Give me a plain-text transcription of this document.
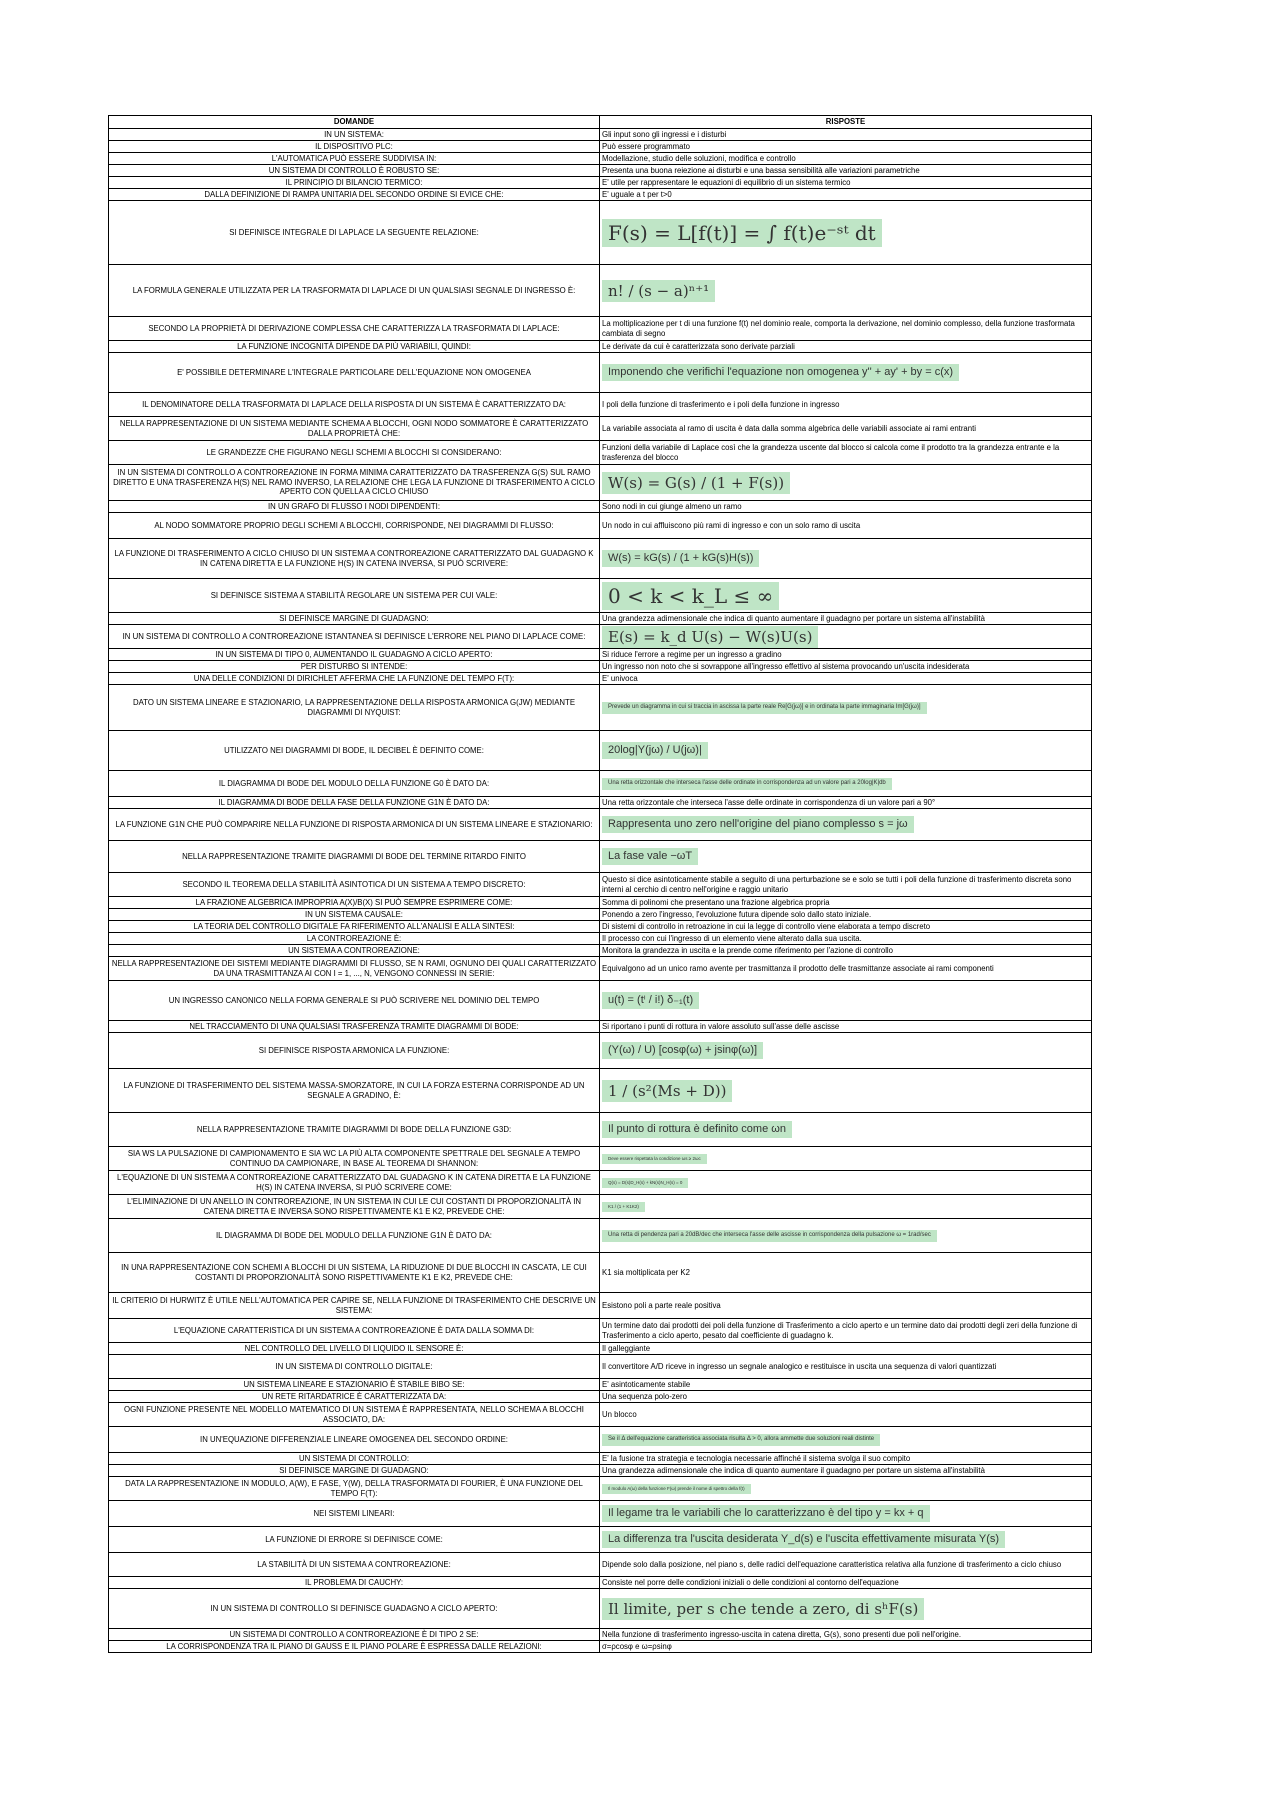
DOMANDE	RISPOSTE
IN UN SISTEMA:	Gli input sono gli ingressi e i disturbi
IL DISPOSITIVO PLC:	Può essere programmato
L'AUTOMATICA PUÒ ESSERE SUDDIVISA IN:	Modellazione, studio delle soluzioni, modifica e controllo
UN SISTEMA DI CONTROLLO È ROBUSTO SE:	Presenta una buona reiezione ai disturbi e una bassa sensibilità alle variazioni parametriche
IL PRINCIPIO DI BILANCIO TERMICO:	E' utile per rappresentare le equazioni di equilibrio di un sistema termico
DALLA DEFINIZIONE DI RAMPA UNITARIA DEL SECONDO ORDINE SI EVICE CHE:	E' uguale a t per t>0
SI DEFINISCE INTEGRALE DI LAPLACE LA SEGUENTE RELAZIONE:	F(s) = L[f(t)] = ∫ f(t)e⁻ˢᵗ dt
LA FORMULA GENERALE UTILIZZATA PER LA TRASFORMATA DI LAPLACE DI UN QUALSIASI SEGNALE DI INGRESSO È:	n! / (s − a)ⁿ⁺¹
SECONDO LA PROPRIETÀ DI DERIVAZIONE COMPLESSA CHE CARATTERIZZA LA TRASFORMATA DI LAPLACE:	La moltiplicazione per t di una funzione f(t) nel dominio reale, comporta la derivazione, nel dominio complesso, della funzione trasformata cambiata di segno
LA FUNZIONE INCOGNITÀ DIPENDE DA PIÙ VARIABILI, QUINDI:	Le derivate da cui è caratterizzata sono derivate parziali
E' POSSIBILE DETERMINARE L'INTEGRALE PARTICOLARE DELL'EQUAZIONE NON OMOGENEA	Imponendo che verifichi l'equazione non omogenea y'' + ay' + by = c(x)
IL DENOMINATORE DELLA TRASFORMATA DI LAPLACE DELLA RISPOSTA DI UN SISTEMA È CARATTERIZZATO DA:	I poli della funzione di trasferimento e i poli della funzione in ingresso
NELLA RAPPRESENTAZIONE DI UN SISTEMA MEDIANTE SCHEMA A BLOCCHI, OGNI NODO SOMMATORE È CARATTERIZZATO DALLA PROPRIETÀ CHE:	La variabile associata al ramo di uscita è data dalla somma algebrica delle variabili associate ai rami entranti
LE GRANDEZZE CHE FIGURANO NEGLI SCHEMI A BLOCCHI SI CONSIDERANO:	Funzioni della variabile di Laplace così che la grandezza uscente dal blocco si calcola come il prodotto tra la grandezza entrante e la trasferenza del blocco
IN UN SISTEMA DI CONTROLLO A CONTROREAZIONE IN FORMA MINIMA CARATTERIZZATO DA TRASFERENZA G(S) SUL RAMO DIRETTO E UNA TRASFERENZA H(S) NEL RAMO INVERSO, LA RELAZIONE CHE LEGA LA FUNZIONE DI TRASFERIMENTO A CICLO APERTO CON QUELLA A CICLO CHIUSO	W(s) = G(s) / (1 + F(s))
IN UN GRAFO DI FLUSSO I NODI DIPENDENTI:	Sono nodi in cui giunge almeno un ramo
AL NODO SOMMATORE PROPRIO DEGLI SCHEMI A BLOCCHI, CORRISPONDE, NEI DIAGRAMMI DI FLUSSO:	Un nodo in cui affluiscono più rami di ingresso e con un solo ramo di uscita
LA FUNZIONE DI TRASFERIMENTO A CICLO CHIUSO DI UN SISTEMA A CONTROREAZIONE CARATTERIZZATO DAL GUADAGNO K IN CATENA DIRETTA E LA FUNZIONE H(S) IN CATENA INVERSA, SI PUÒ SCRIVERE:	W(s) = kG(s) / (1 + kG(s)H(s))
SI DEFINISCE SISTEMA A STABILITÀ REGOLARE UN SISTEMA PER CUI VALE:	0 < k < k_L ≤ ∞
SI DEFINISCE MARGINE DI GUADAGNO:	Una grandezza adimensionale che indica di quanto aumentare il guadagno per portare un sistema all'instabilità
IN UN SISTEMA DI CONTROLLO A CONTROREAZIONE ISTANTANEA SI DEFINISCE L'ERRORE NEL PIANO DI LAPLACE COME:	E(s) = k_d U(s) − W(s)U(s)
IN UN SISTEMA DI TIPO 0, AUMENTANDO IL GUADAGNO A CICLO APERTO:	Si riduce l'errore a regime per un ingresso a gradino
PER DISTURBO SI INTENDE:	Un ingresso non noto che si sovrappone all'ingresso effettivo al sistema provocando un'uscita indesiderata
UNA DELLE CONDIZIONI DI DIRICHLET AFFERMA CHE LA FUNZIONE DEL TEMPO F(T):	E' univoca
DATO UN SISTEMA LINEARE E STAZIONARIO, LA RAPPRESENTAZIONE DELLA RISPOSTA ARMONICA G(JW) MEDIANTE DIAGRAMMI DI NYQUIST:	Prevede un diagramma in cui si traccia in ascissa la parte reale Re[G(jω)] e in ordinata la parte immaginaria Im[G(jω)]
UTILIZZATO NEI DIAGRAMMI DI BODE, IL DECIBEL È DEFINITO COME:	20log|Y(jω) / U(jω)|
IL DIAGRAMMA DI BODE DEL MODULO DELLA FUNZIONE G0 È DATO DA:	Una retta orizzontale che interseca l'asse delle ordinate in corrispondenza ad un valore pari a 20log|K|db
IL DIAGRAMMA DI BODE DELLA FASE DELLA FUNZIONE G1N È DATO DA:	Una retta orizzontale che interseca l'asse delle ordinate in corrispondenza di un valore pari a 90°
LA FUNZIONE G1N CHE PUÒ COMPARIRE NELLA FUNZIONE DI RISPOSTA ARMONICA DI UN SISTEMA LINEARE E STAZIONARIO:	Rappresenta uno zero nell'origine del piano complesso s = jω
NELLA RAPPRESENTAZIONE TRAMITE DIAGRAMMI DI BODE DEL TERMINE RITARDO FINITO	La fase vale −ωT
SECONDO IL TEOREMA DELLA STABILITÀ ASINTOTICA DI UN SISTEMA A TEMPO DISCRETO:	Questo si dice asintoticamente stabile a seguito di una perturbazione se e solo se tutti i poli della funzione di trasferimento discreta sono interni al cerchio di centro nell'origine e raggio unitario
LA FRAZIONE ALGEBRICA IMPROPRIA A(X)/B(X) SI PUÒ SEMPRE ESPRIMERE COME:	Somma di polinomi che presentano una frazione algebrica propria
IN UN SISTEMA CAUSALE:	Ponendo a zero l'ingresso, l'evoluzione futura dipende solo dallo stato iniziale.
LA TEORIA DEL CONTROLLO DIGITALE FA RIFERIMENTO ALL'ANALISI E ALLA SINTESI:	Di sistemi di controllo in retroazione in cui la legge di controllo viene elaborata a tempo discreto
LA CONTROREAZIONE È:	Il processo con cui l'ingresso di un elemento viene alterato dalla sua uscita.
UN SISTEMA A CONTROREAZIONE:	Monitora la grandezza in uscita e la prende come riferimento per l'azione di controllo
NELLA RAPPRESENTAZIONE DEI SISTEMI MEDIANTE DIAGRAMMI DI FLUSSO, SE N RAMI, OGNUNO DEI QUALI CARATTERIZZATO DA UNA TRASMITTANZA AI CON I = 1, ..., N, VENGONO CONNESSI IN SERIE:	Equivalgono ad un unico ramo avente per trasmittanza il prodotto delle trasmittanze associate ai rami componenti
UN INGRESSO CANONICO NELLA FORMA GENERALE SI PUÒ SCRIVERE NEL DOMINIO DEL TEMPO	u(t) = (tⁱ / i!) δ₋₁(t)
NEL TRACCIAMENTO DI UNA QUALSIASI TRASFERENZA TRAMITE DIAGRAMMI DI BODE:	Si riportano i punti di rottura in valore assoluto sull'asse delle ascisse
SI DEFINISCE RISPOSTA ARMONICA LA FUNZIONE:	(Y(ω) / U) [cosφ(ω) + jsinφ(ω)]
LA FUNZIONE DI TRASFERIMENTO DEL SISTEMA MASSA-SMORZATORE, IN CUI LA FORZA ESTERNA CORRISPONDE AD UN SEGNALE A GRADINO, È:	1 / (s²(Ms + D))
NELLA RAPPRESENTAZIONE TRAMITE DIAGRAMMI DI BODE DELLA FUNZIONE G3D:	Il punto di rottura è definito come ωn
SIA WS LA PULSAZIONE DI CAMPIONAMENTO E SIA WC LA PIÙ ALTA COMPONENTE SPETTRALE DEL SEGNALE A TEMPO CONTINUO DA CAMPIONARE, IN BASE AL TEOREMA DI SHANNON:	Deve essere rispettata la condizione ωs ≥ 2ωc
L'EQUAZIONE DI UN SISTEMA A CONTROREAZIONE CARATTERIZZATO DAL GUADAGNO K IN CATENA DIRETTA E LA FUNZIONE H(S) IN CATENA INVERSA, SI PUÒ SCRIVERE COME:	Q(s) = D(s)D_H(s) + kN(s)N_H(s) = 0
L'ELIMINAZIONE DI UN ANELLO IN CONTROREAZIONE, IN UN SISTEMA IN CUI LE CUI COSTANTI DI PROPORZIONALITÀ IN CATENA DIRETTA E INVERSA SONO RISPETTIVAMENTE K1 E K2, PREVEDE CHE:	K1 / (1 + K1K2)
IL DIAGRAMMA DI BODE DEL MODULO DELLA FUNZIONE G1N È DATO DA:	Una retta di pendenza pari a 20dB/dec che interseca l'asse delle ascisse in corrispondenza della pulsazione ω = 1rad/sec
IN UNA RAPPRESENTAZIONE CON SCHEMI A BLOCCHI DI UN SISTEMA, LA RIDUZIONE DI DUE BLOCCHI IN CASCATA, LE CUI COSTANTI DI PROPORZIONALITÀ SONO RISPETTIVAMENTE K1 E K2, PREVEDE CHE:	K1 sia moltiplicata per K2
IL CRITERIO DI HURWITZ È UTILE NELL'AUTOMATICA PER CAPIRE SE, NELLA FUNZIONE DI TRASFERIMENTO CHE DESCRIVE UN SISTEMA:	Esistono poli a parte reale positiva
L'EQUAZIONE CARATTERISTICA DI UN SISTEMA A CONTROREAZIONE È DATA DALLA SOMMA DI:	Un termine dato dai prodotti dei poli della funzione di Trasferimento a ciclo aperto e un termine dato dai prodotti degli zeri della funzione di Trasferimento a ciclo aperto, pesato dal coefficiente di guadagno k.
NEL CONTROLLO DEL LIVELLO DI LIQUIDO IL SENSORE È:	Il galleggiante
IN UN SISTEMA DI CONTROLLO DIGITALE:	Il convertitore A/D riceve in ingresso un segnale analogico e restituisce in uscita una sequenza di valori quantizzati
UN SISTEMA LINEARE E STAZIONARIO È STABILE BIBO SE:	E' asintoticamente stabile
UN RETE RITARDATRICE È CARATTERIZZATA DA:	Una sequenza polo-zero
OGNI FUNZIONE PRESENTE NEL MODELLO MATEMATICO DI UN SISTEMA È RAPPRESENTATA, NELLO SCHEMA A BLOCCHI ASSOCIATO, DA:	Un blocco
IN UN'EQUAZIONE DIFFERENZIALE LINEARE OMOGENEA DEL SECONDO ORDINE:	Se il Δ dell'equazione caratteristica associata risulta Δ > 0, allora ammette due soluzioni reali distinte
UN SISTEMA DI CONTROLLO:	E' la fusione tra strategia e tecnologia necessarie affinché il sistema svolga il suo compito
SI DEFINISCE MARGINE DI GUADAGNO:	Una grandezza adimensionale che indica di quanto aumentare il guadagno per portare un sistema all'instabilità
DATA LA RAPPRESENTAZIONE IN MODULO, A(W), E FASE, Y(W), DELLA TRASFORMATA DI FOURIER, È UNA FUNZIONE DEL TEMPO F(T):	Il modulo A(ω) della funzione F(ω) prende il nome di spettro della f(t)
NEI SISTEMI LINEARI:	Il legame tra le variabili che lo caratterizzano è del tipo y = kx + q
LA FUNZIONE DI ERRORE SI DEFINISCE COME:	La differenza tra l'uscita desiderata Y_d(s) e l'uscita effettivamente misurata Y(s)
LA STABILITÀ DI UN SISTEMA A CONTROREAZIONE:	Dipende solo dalla posizione, nel piano s, delle radici dell'equazione caratteristica relativa alla funzione di trasferimento a ciclo chiuso
IL PROBLEMA DI CAUCHY:	Consiste nel porre delle condizioni iniziali o delle condizioni al contorno dell'equazione
IN UN SISTEMA DI CONTROLLO SI DEFINISCE GUADAGNO A CICLO APERTO:	Il limite, per s che tende a zero, di sʰF(s)
UN SISTEMA DI CONTROLLO A CONTROREAZIONE È DI TIPO 2 SE:	Nella funzione di trasferimento ingresso-uscita in catena diretta, G(s), sono presenti due poli nell'origine.
LA CORRISPONDENZA TRA IL PIANO DI GAUSS E IL PIANO POLARE È ESPRESSA DALLE RELAZIONI:	σ=ρcosφ e ω=ρsinφ
